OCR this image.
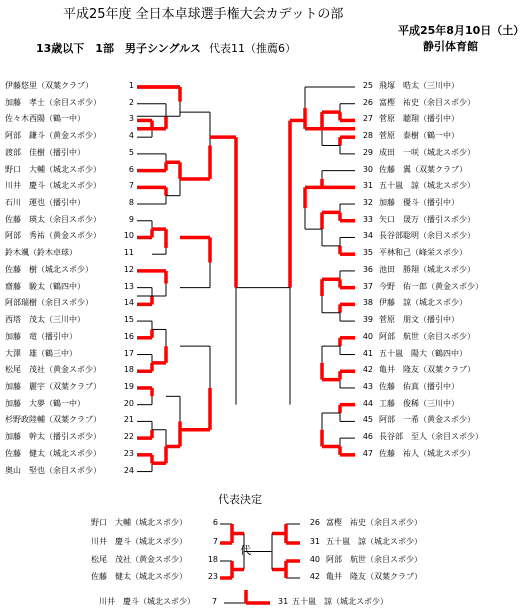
平成25年度 全日本卓球選手権大会カデットの部
平成25年8月10日（土）
静引体育館
13歳以下　1部　男子シングルス 代表11（推薦6）
伊藤悠里（双葉クラブ）	1
加藤　孝士（余目スポ少）	2
佐々木西陽（鶴一中）	3
阿部　鎌斗（黄金スポ少）	4
渡部　佳樹（播引中）	5
野口　大輔（城北スポ少）	6
川井　慶斗（城北スポ少）	7
石川　運也（播引中）	8
佐藤　瑛太（余目スポ少）	9
阿部　秀祐（黄金スポ少）	10
鈴木颯（鈴木卓球）	11
佐藤　樹（城北スポ少）	12
齋藤　駿太（鶴四中）	13
阿部瑞樹（余目スポ少）	14
西塔　茂太（三川中）	15
加藤　竜（播引中）	16
大澤　雄（鶴三中）	17
松尾　茂社（黄金スポ少）	18
加藤　麗宇（双葉クラブ）	19
加藤　大夢（鶴一中）	20
杉野政陸輔（双葉クラブ）	21
加藤　幹太（播引スポ少）	22
佐藤　健太（城北スポ少）	23
奥山　堅也（余目スポ少）	24
25 飛塚　晧太（三川中）
26 富樫　祐史（余目スポ少）
27 菅原　聴翔（播引中）
28 菅原　泰樹（鶴一中）
29 成田　一咲（城北スポ少）
30 佐藤　翼（双葉クラブ）
31 五十嵐　諒（城北スポ少）
32 加藤　優斗（播引中）
33 矢口　晟万（播引スポ少）
34 長谷部聡明（余目スポ少）
35 平林和己（峰栄スポ少）
36 池田　勝翔（城北スポ少）
37 今野　佑一郎（黄金スポ少）
38 伊藤　諒（城北スポ少）
39 菅原　朋文（播引中）
40 阿部　航世（余目スポ少）
41 五十嵐　陽大（鶴四中）
42 亀井　隆友（双葉クラブ）
43 佐藤　佑真（播引中）
44 工藤　俊稀（三川中）
45 阿部　一希（黄金スポ少）
46 長谷部　至人（余目スポ少）
47 佐藤　祐人（城北スポ少）
代表決定
代
野口　大輔（城北スポ少）	6
川井　慶斗（城北スポ少）	7
松尾　茂社（黄金スポ少）	18
佐藤　健太（城北スポ少）	23
26 富樫　祐史（余目スポ少）
31 五十嵐　諒（城北スポ少）
40 阿部　航世（余目スポ少）
42 亀井　隆友（双葉クラブ）
川井　慶斗（城北スポ少） 7	31 五十嵐　諒（城北スポ少）
